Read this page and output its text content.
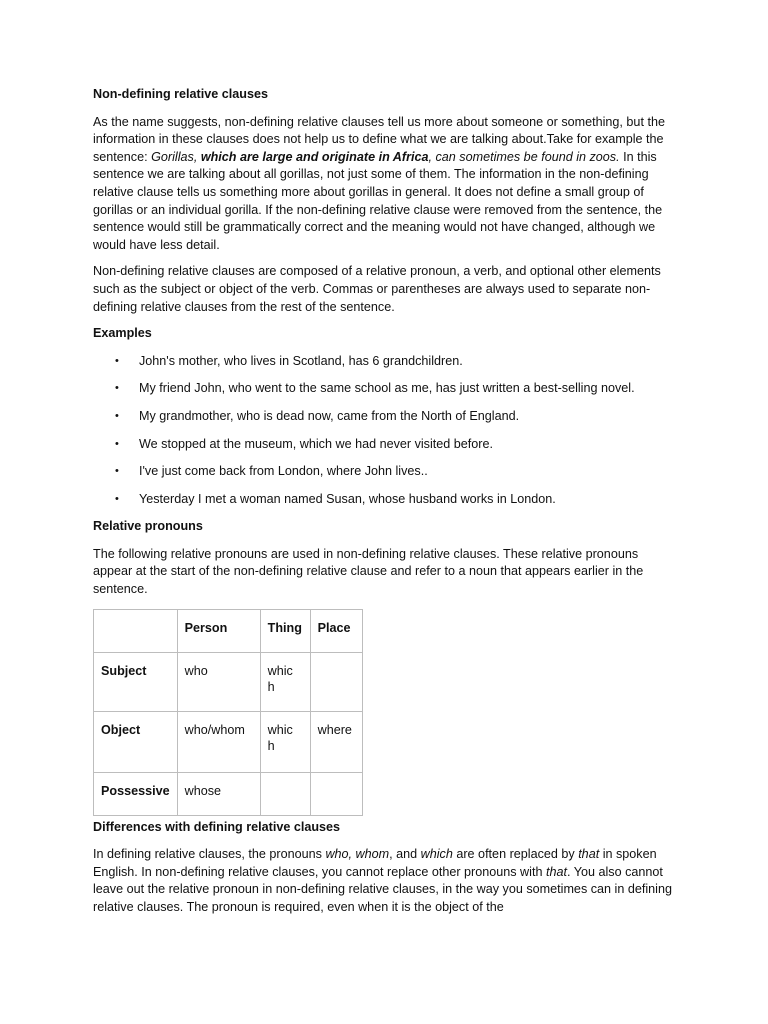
Non-defining relative clauses

As the name suggests, non-defining relative clauses tell us more about someone or something, but the information in these clauses does not help us to define what we are talking about.Take for example the sentence: Gorillas, which are large and originate in Africa, can sometimes be found in zoos. In this sentence we are talking about all gorillas, not just some of them. The information in the non-defining relative clause tells us something more about gorillas in general. It does not define a small group of gorillas or an individual gorilla. If the non-defining relative clause were removed from the sentence, the sentence would still be grammatically correct and the meaning would not have changed, although we would have less detail.

Non-defining relative clauses are composed of a relative pronoun, a verb, and optional other elements such as the subject or object of the verb. Commas or parentheses are always used to separate non-defining relative clauses from the rest of the sentence.

Examples

• John's mother, who lives in Scotland, has 6 grandchildren.
• My friend John, who went to the same school as me, has just written a best-selling novel.
• My grandmother, who is dead now, came from the North of England.
• We stopped at the museum, which we had never visited before.
• I've just come back from London, where John lives..
• Yesterday I met a woman named Susan, whose husband works in London.

Relative pronouns

The following relative pronouns are used in non-defining relative clauses. These relative pronouns appear at the start of the non-defining relative clause and refer to a noun that appears earlier in the sentence.

	Person	Thing	Place
Subject	who	whic h	
Object	who/whom	whic h	where
Possessive	whose		

Differences with defining relative clauses

In defining relative clauses, the pronouns who, whom, and which are often replaced by that in spoken English. In non-defining relative clauses, you cannot replace other pronouns with that. You also cannot leave out the relative pronoun in non-defining relative clauses, in the way you sometimes can in defining relative clauses. The pronoun is required, even when it is the object of the
